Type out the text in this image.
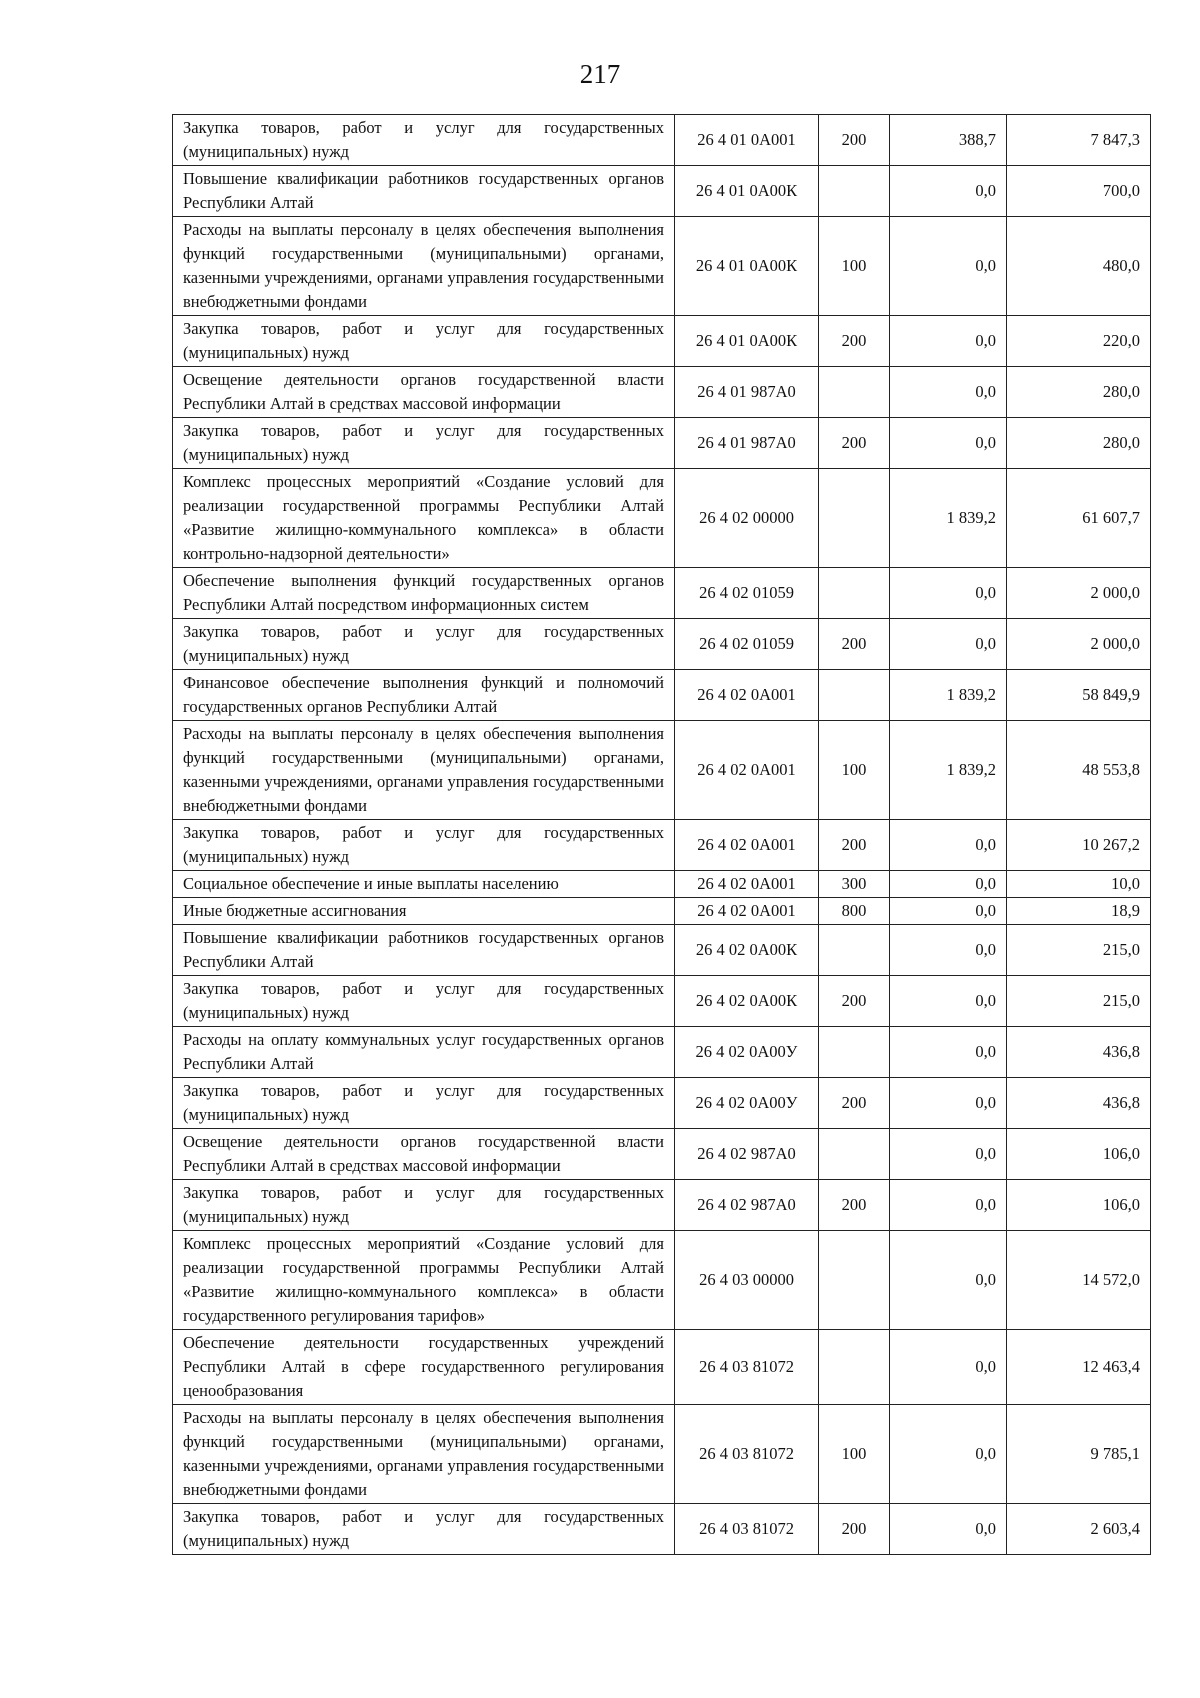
217
Закупка товаров, работ и услуг для государственных (муниципальных) нужд	26 4 01 0А001	200	388,7	7 847,3
Повышение квалификации работников государственных органов Республики Алтай	26 4 01 0А00К		0,0	700,0
Расходы на выплаты персоналу в целях обеспечения выполнения функций государственными (муниципальными) органами, казенными учреждениями, органами управления государственными внебюджетными фондами	26 4 01 0А00К	100	0,0	480,0
Закупка товаров, работ и услуг для государственных (муниципальных) нужд	26 4 01 0А00К	200	0,0	220,0
Освещение деятельности органов государственной власти Республики Алтай в средствах массовой информации	26 4 01 987А0		0,0	280,0
Закупка товаров, работ и услуг для государственных (муниципальных) нужд	26 4 01 987А0	200	0,0	280,0
Комплекс процессных мероприятий «Создание условий для реализации государственной программы Республики Алтай «Развитие жилищно-коммунального комплекса» в области контрольно-надзорной деятельности»	26 4 02 00000		1 839,2	61 607,7
Обеспечение выполнения функций государственных органов Республики Алтай посредством информационных систем	26 4 02 01059		0,0	2 000,0
Закупка товаров, работ и услуг для государственных (муниципальных) нужд	26 4 02 01059	200	0,0	2 000,0
Финансовое обеспечение выполнения функций и полномочий государственных органов Республики Алтай	26 4 02 0А001		1 839,2	58 849,9
Расходы на выплаты персоналу в целях обеспечения выполнения функций государственными (муниципальными) органами, казенными учреждениями, органами управления государственными внебюджетными фондами	26 4 02 0А001	100	1 839,2	48 553,8
Закупка товаров, работ и услуг для государственных (муниципальных) нужд	26 4 02 0А001	200	0,0	10 267,2
Социальное обеспечение и иные выплаты населению	26 4 02 0А001	300	0,0	10,0
Иные бюджетные ассигнования	26 4 02 0А001	800	0,0	18,9
Повышение квалификации работников государственных органов Республики Алтай	26 4 02 0А00К		0,0	215,0
Закупка товаров, работ и услуг для государственных (муниципальных) нужд	26 4 02 0А00К	200	0,0	215,0
Расходы на оплату коммунальных услуг государственных органов Республики Алтай	26 4 02 0А00У		0,0	436,8
Закупка товаров, работ и услуг для государственных (муниципальных) нужд	26 4 02 0А00У	200	0,0	436,8
Освещение деятельности органов государственной власти Республики Алтай в средствах массовой информации	26 4 02 987А0		0,0	106,0
Закупка товаров, работ и услуг для государственных (муниципальных) нужд	26 4 02 987А0	200	0,0	106,0
Комплекс процессных мероприятий «Создание условий для реализации государственной программы Республики Алтай «Развитие жилищно-коммунального комплекса» в области государственного регулирования тарифов»	26 4 03 00000		0,0	14 572,0
Обеспечение деятельности государственных учреждений Республики Алтай в сфере государственного регулирования ценообразования	26 4 03 81072		0,0	12 463,4
Расходы на выплаты персоналу в целях обеспечения выполнения функций государственными (муниципальными) органами, казенными учреждениями, органами управления государственными внебюджетными фондами	26 4 03 81072	100	0,0	9 785,1
Закупка товаров, работ и услуг для государственных (муниципальных) нужд	26 4 03 81072	200	0,0	2 603,4
